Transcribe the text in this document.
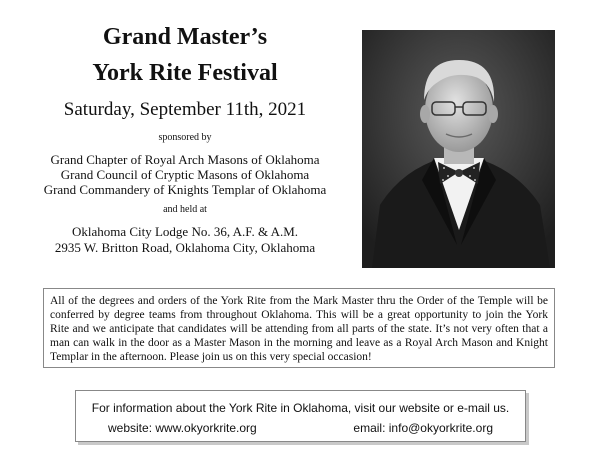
Grand Master’s

York Rite Festival

Saturday, September 11th, 2021

sponsored by

Grand Chapter of Royal Arch Masons of Oklahoma
Grand Council of Cryptic Masons of Oklahoma
Grand Commandery of Knights Templar of Oklahoma

and held at

Oklahoma City Lodge No. 36, A.F. & A.M.
2935 W. Britton Road, Oklahoma City, Oklahoma

All of the degrees and orders of the York Rite from the Mark Master thru the Order of the Temple will be conferred by degree teams from throughout Oklahoma. This will be a great opportunity to join the York Rite and we anticipate that candidates will be attending from all parts of the state. It’s not very often that a man can walk in the door as a Master Mason in the morning and leave as a Royal Arch Mason and Knight Templar in the afternoon. Please join us on this very special occasion!
For information about the York Rite in Oklahoma, visit our website or e-mail us.
website: www.okyorkrite.org	email: info@okyorkrite.org
